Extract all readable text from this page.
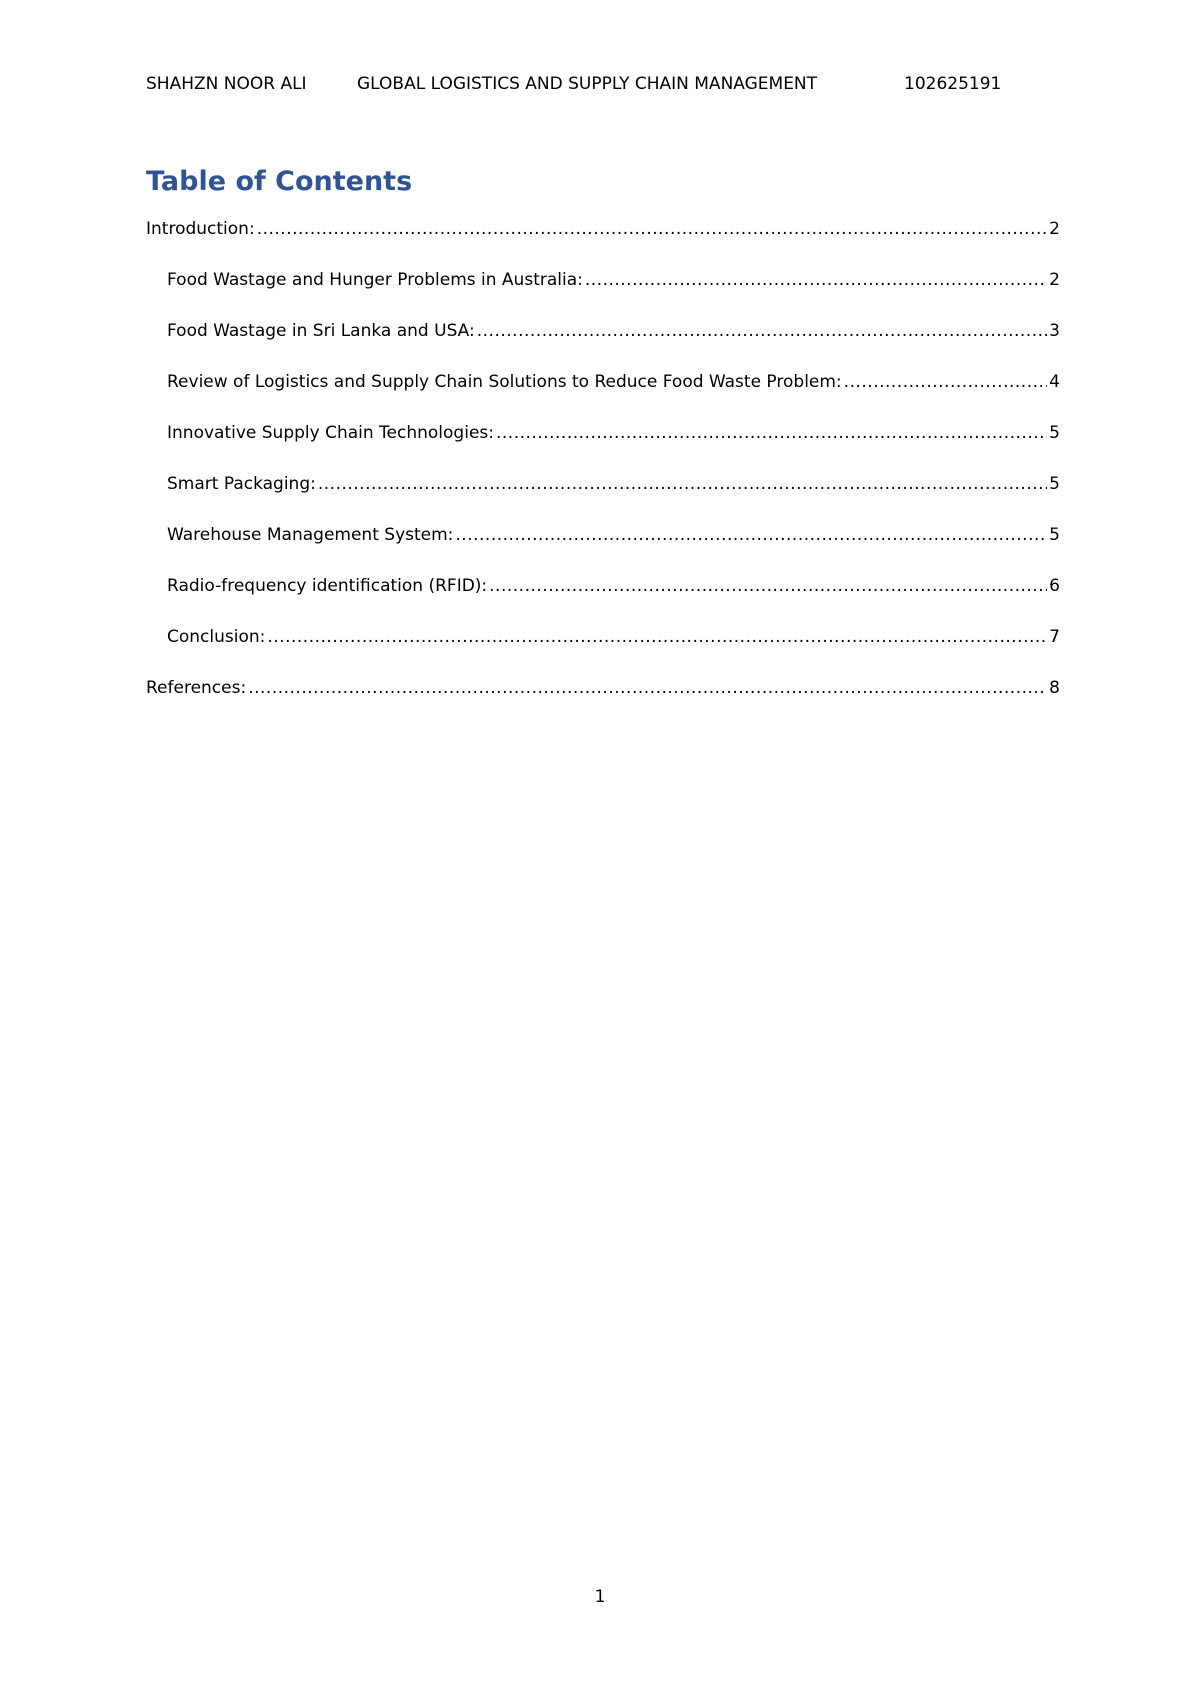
SHAHZN NOOR ALI	GLOBAL LOGISTICS AND SUPPLY CHAIN MANAGEMENT	102625191
Table of Contents
Introduction: .....	2
Food Wastage and Hunger Problems in Australia: .....	2
Food Wastage in Sri Lanka and USA: .....	3
Review of Logistics and Supply Chain Solutions to Reduce Food Waste Problem: .....	4
Innovative Supply Chain Technologies: .....	5
Smart Packaging: .....	5
Warehouse Management System: .....	5
Radio-frequency identification (RFID): .....	6
Conclusion: .....	7
References: .....	8
1
